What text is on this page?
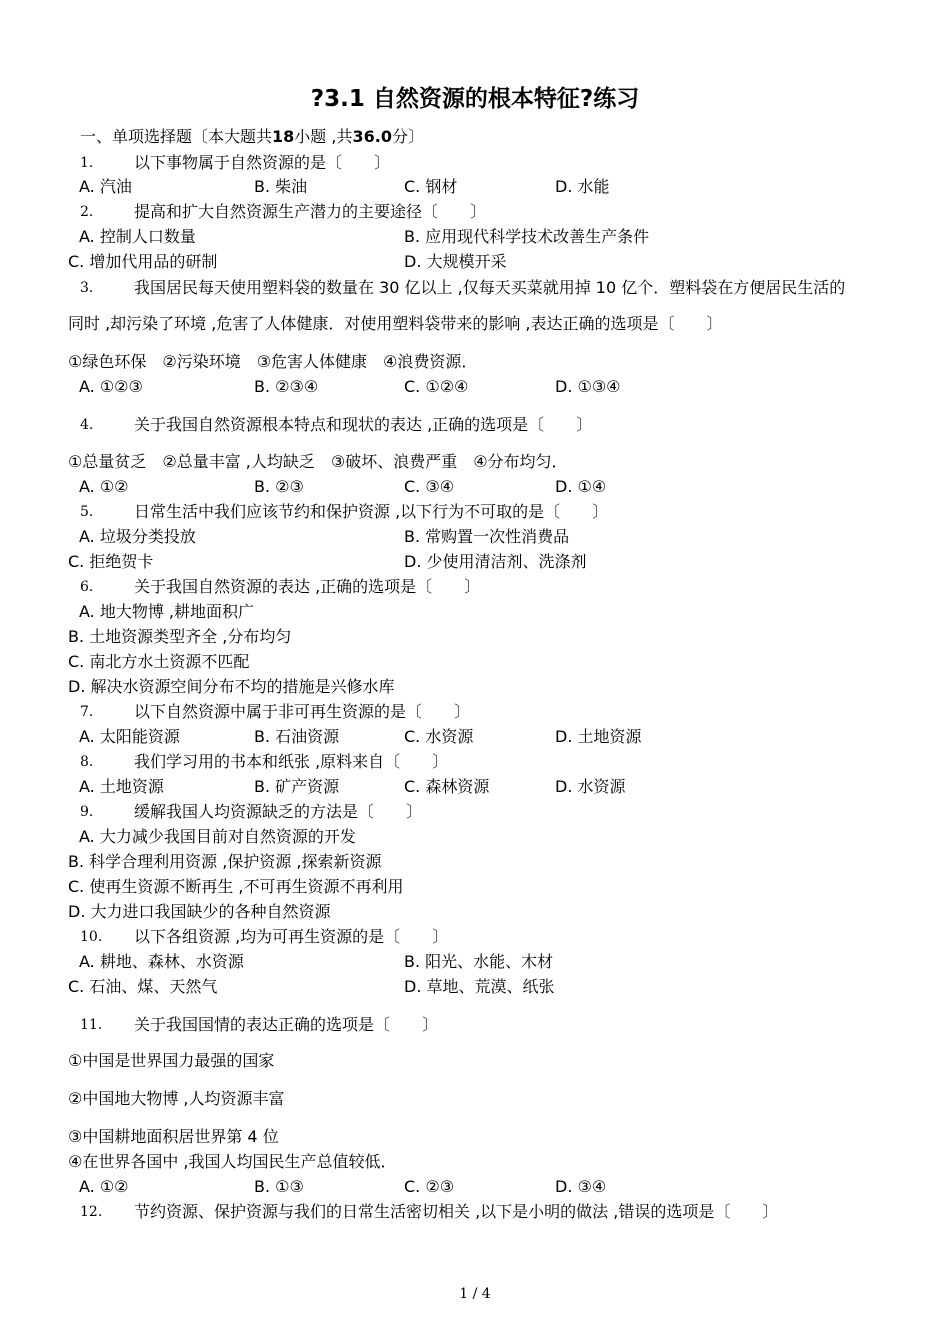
?3.1 自然资源的根本特征?练习
一、单项选择题〔本大题共18小题 ,共36.0分〕
1.	以下事物属于自然资源的是〔　　〕
A. 汽油	B. 柴油	C. 钢材	D. 水能
2.	提高和扩大自然资源生产潜力的主要途径〔　　〕
A. 控制人口数量	B. 应用现代科学技术改善生产条件
C. 增加代用品的研制	D. 大规模开采
3.	我国居民每天使用塑料袋的数量在 30 亿以上 ,仅每天买菜就用掉 10 亿个．塑料袋在方便居民生活的
同时 ,却污染了环境 ,危害了人体健康．对使用塑料袋带来的影响 ,表达正确的选项是〔　　〕
①绿色环保　②污染环境　③危害人体健康　④浪费资源．
A. ①②③	B. ②③④	C. ①②④	D. ①③④
4.	关于我国自然资源根本特点和现状的表达 ,正确的选项是〔　　〕
①总量贫乏　②总量丰富 ,人均缺乏　③破坏、浪费严重　④分布均匀．
A. ①②	B. ②③	C. ③④	D. ①④
5.	日常生活中我们应该节约和保护资源 ,以下行为不可取的是〔　　〕
A. 垃圾分类投放	B. 常购置一次性消费品
C. 拒绝贺卡	D. 少使用清洁剂、洗涤剂
6.	关于我国自然资源的表达 ,正确的选项是〔　　〕
A. 地大物博 ,耕地面积广
B. 土地资源类型齐全 ,分布均匀
C. 南北方水土资源不匹配
D. 解决水资源空间分布不均的措施是兴修水库
7.	以下自然资源中属于非可再生资源的是〔　　〕
A. 太阳能资源	B. 石油资源	C. 水资源	D. 土地资源
8.	我们学习用的书本和纸张 ,原料来自〔　　〕
A. 土地资源	B. 矿产资源	C. 森林资源	D. 水资源
9.	缓解我国人均资源缺乏的方法是〔　　〕
A. 大力减少我国目前对自然资源的开发
B. 科学合理利用资源 ,保护资源 ,探索新资源
C. 使再生资源不断再生 ,不可再生资源不再利用
D. 大力进口我国缺少的各种自然资源
10. 以下各组资源 ,均为可再生资源的是〔　　〕
A. 耕地、森林、水资源	B. 阳光、水能、木材
C. 石油、煤、天然气	D. 草地、荒漠、纸张
11. 关于我国国情的表达正确的选项是〔　　〕
①中国是世界国力最强的国家
②中国地大物博 ,人均资源丰富
③中国耕地面积居世界第 4 位
④在世界各国中 ,我国人均国民生产总值较低．
A. ①②	B. ①③	C. ②③	D. ③④
12. 节约资源、保护资源与我们的日常生活密切相关 ,以下是小明的做法 ,错误的选项是〔　　〕
1 / 4
